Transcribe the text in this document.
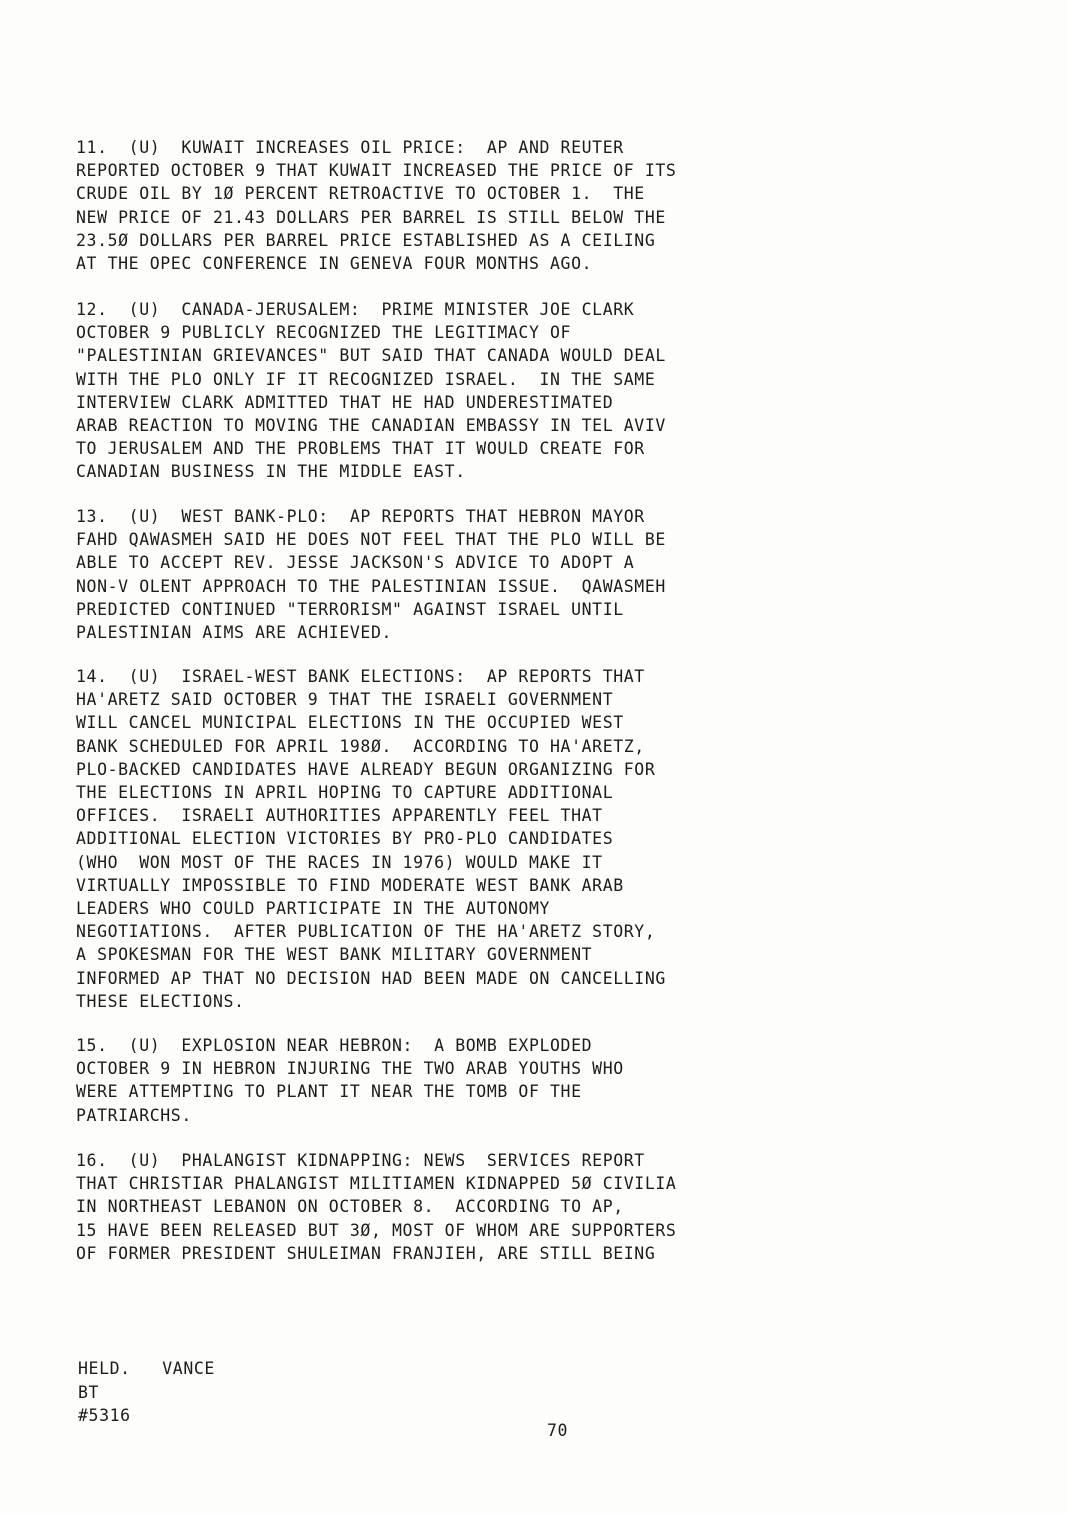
11.  (U)  KUWAIT INCREASES OIL PRICE:  AP AND REUTER
REPORTED OCTOBER 9 THAT KUWAIT INCREASED THE PRICE OF ITS
CRUDE OIL BY 1Ø PERCENT RETROACTIVE TO OCTOBER 1.  THE
NEW PRICE OF 21.43 DOLLARS PER BARREL IS STILL BELOW THE
23.5Ø DOLLARS PER BARREL PRICE ESTABLISHED AS A CEILING
AT THE OPEC CONFERENCE IN GENEVA FOUR MONTHS AGO.

12.  (U)  CANADA-JERUSALEM:  PRIME MINISTER JOE CLARK
OCTOBER 9 PUBLICLY RECOGNIZED THE LEGITIMACY OF
"PALESTINIAN GRIEVANCES" BUT SAID THAT CANADA WOULD DEAL
WITH THE PLO ONLY IF IT RECOGNIZED ISRAEL.  IN THE SAME
INTERVIEW CLARK ADMITTED THAT HE HAD UNDERESTIMATED
ARAB REACTION TO MOVING THE CANADIAN EMBASSY IN TEL AVIV
TO JERUSALEM AND THE PROBLEMS THAT IT WOULD CREATE FOR
CANADIAN BUSINESS IN THE MIDDLE EAST.

13.  (U)  WEST BANK-PLO:  AP REPORTS THAT HEBRON MAYOR
FAHD QAWASMEH SAID HE DOES NOT FEEL THAT THE PLO WILL BE
ABLE TO ACCEPT REV. JESSE JACKSON'S ADVICE TO ADOPT A
NON-V OLENT APPROACH TO THE PALESTINIAN ISSUE.  QAWASMEH
PREDICTED CONTINUED "TERRORISM" AGAINST ISRAEL UNTIL
PALESTINIAN AIMS ARE ACHIEVED.

14.  (U)  ISRAEL-WEST BANK ELECTIONS:  AP REPORTS THAT
HA'ARETZ SAID OCTOBER 9 THAT THE ISRAELI GOVERNMENT
WILL CANCEL MUNICIPAL ELECTIONS IN THE OCCUPIED WEST
BANK SCHEDULED FOR APRIL 198Ø.  ACCORDING TO HA'ARETZ,
PLO-BACKED CANDIDATES HAVE ALREADY BEGUN ORGANIZING FOR
THE ELECTIONS IN APRIL HOPING TO CAPTURE ADDITIONAL
OFFICES.  ISRAELI AUTHORITIES APPARENTLY FEEL THAT
ADDITIONAL ELECTION VICTORIES BY PRO-PLO CANDIDATES
(WHO  WON MOST OF THE RACES IN 1976) WOULD MAKE IT
VIRTUALLY IMPOSSIBLE TO FIND MODERATE WEST BANK ARAB
LEADERS WHO COULD PARTICIPATE IN THE AUTONOMY
NEGOTIATIONS.  AFTER PUBLICATION OF THE HA'ARETZ STORY,
A SPOKESMAN FOR THE WEST BANK MILITARY GOVERNMENT
INFORMED AP THAT NO DECISION HAD BEEN MADE ON CANCELLING
THESE ELECTIONS.

15.  (U)  EXPLOSION NEAR HEBRON:  A BOMB EXPLODED
OCTOBER 9 IN HEBRON INJURING THE TWO ARAB YOUTHS WHO
WERE ATTEMPTING TO PLANT IT NEAR THE TOMB OF THE
PATRIARCHS.

16.  (U)  PHALANGIST KIDNAPPING: NEWS  SERVICES REPORT
THAT CHRISTIAR PHALANGIST MILITIAMEN KIDNAPPED 5Ø CIVILIA
IN NORTHEAST LEBANON ON OCTOBER 8.  ACCORDING TO AP,
15 HAVE BEEN RELEASED BUT 3Ø, MOST OF WHOM ARE SUPPORTERS
OF FORMER PRESIDENT SHULEIMAN FRANJIEH, ARE STILL BEING

HELD.   VANCE
BT
#5316
70
